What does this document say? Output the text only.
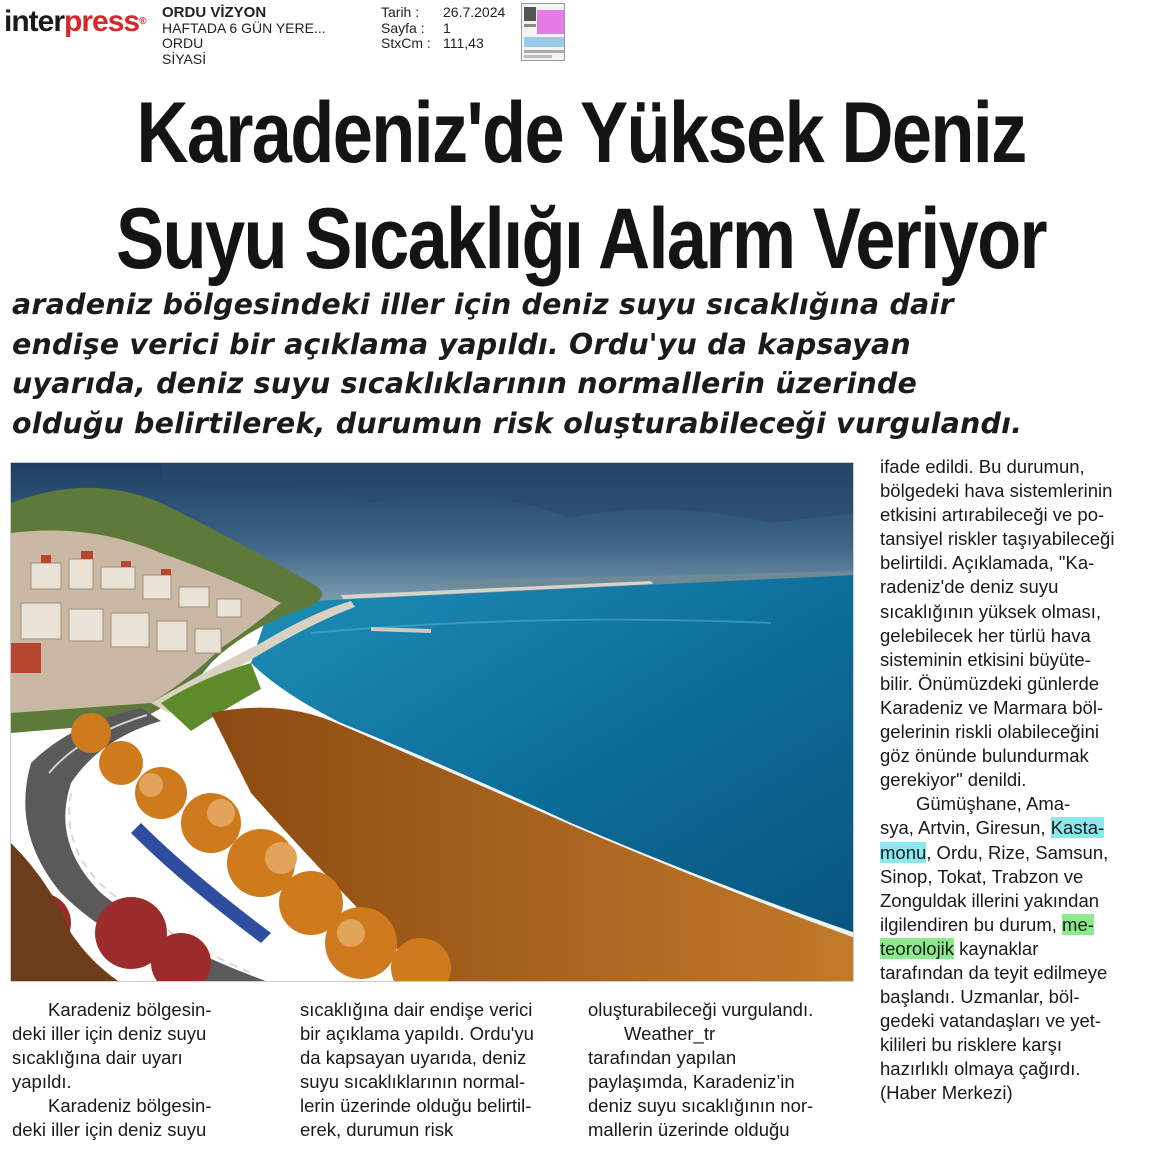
interpress®
ORDU VİZYON
HAFTADA 6 GÜN YERE...
ORDU
SİYASİ
Tarih :	26.7.2024
Sayfa :	1
StxCm : 111,43
Karadeniz'de Yüksek Deniz
Suyu Sıcaklığı Alarm Veriyor
aradeniz bölgesindeki iller için deniz suyu sıcaklığına dair
endişe verici bir açıklama yapıldı. Ordu'yu da kapsayan
uyarıda, deniz suyu sıcaklıklarının normallerin üzerinde
olduğu belirtilerek, durumun risk oluşturabileceği vurgulandı.
Karadeniz bölgesin-
deki iller için deniz suyu
sıcaklığına dair uyarı
yapıldı.
Karadeniz bölgesin-
deki iller için deniz suyu
sıcaklığına dair endişe verici
bir açıklama yapıldı. Ordu'yu
da kapsayan uyarıda, deniz
suyu sıcaklıklarının normal-
lerin üzerinde olduğu belirtil-
erek, durumun risk
oluşturabileceği vurgulandı.
Weather_tr
tarafından yapılan
paylaşımda, Karadeniz’in
deniz suyu sıcaklığının nor-
mallerin üzerinde olduğu
ifade edildi. Bu durumun,
bölgedeki hava sistemlerinin
etkisini artırabileceği ve po-
tansiyel riskler taşıyabileceği
belirtildi. Açıklamada, "Ka-
radeniz'de deniz suyu
sıcaklığının yüksek olması,
gelebilecek her türlü hava
sisteminin etkisini büyüte-
bilir. Önümüzdeki günlerde
Karadeniz ve Marmara böl-
gelerinin riskli olabileceğini
göz önünde bulundurmak
gerekiyor" denildi.
Gümüşhane, Ama-
sya, Artvin, Giresun, Kasta-
monu, Ordu, Rize, Samsun,
Sinop, Tokat, Trabzon ve
Zonguldak illerini yakından
ilgilendiren bu durum, me-
teorolojik kaynaklar
tarafından da teyit edilmeye
başlandı. Uzmanlar, böl-
gedeki vatandaşları ve yet-
kilileri bu risklere karşı
hazırlıklı olmaya çağırdı.
(Haber Merkezi)
